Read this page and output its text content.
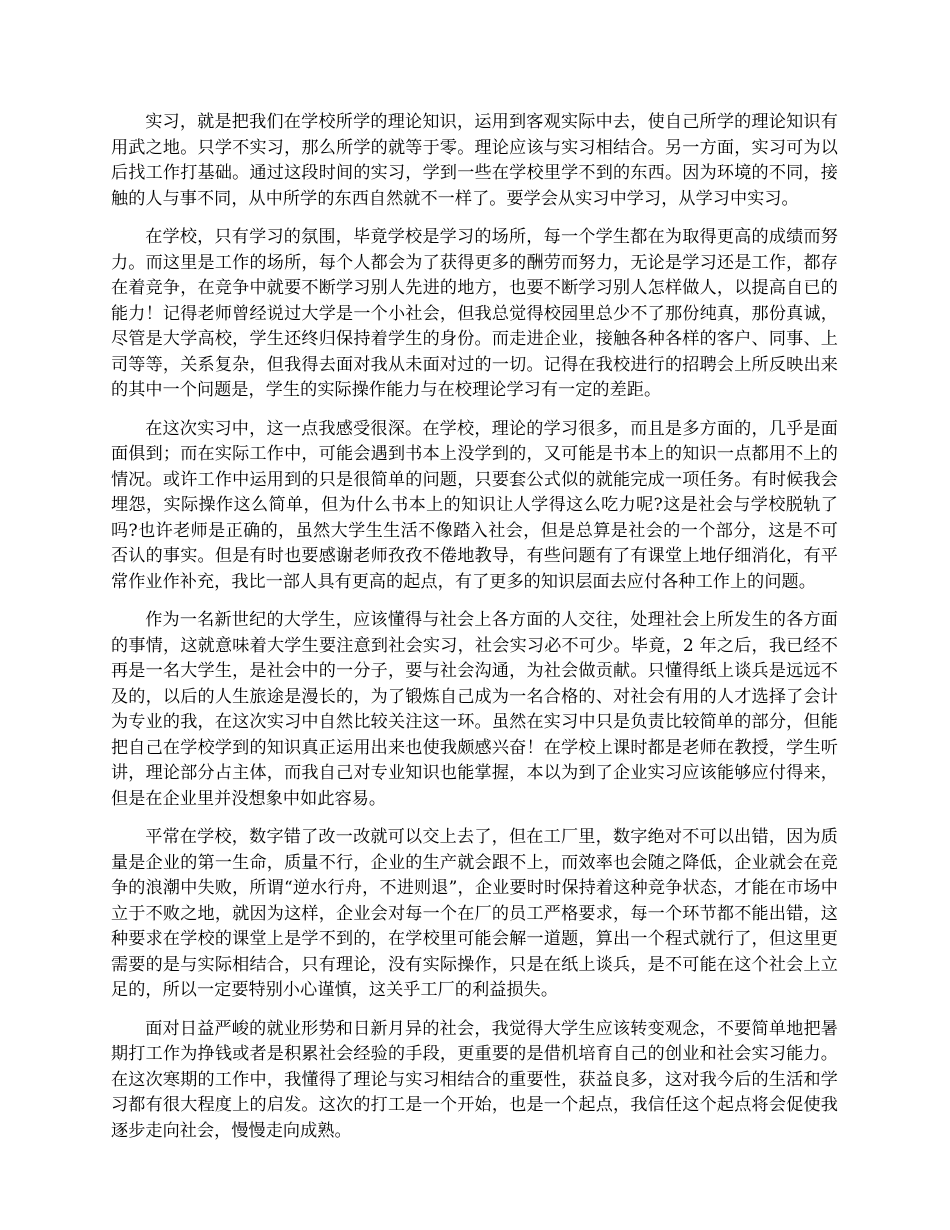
实习，就是把我们在学校所学的理论知识，运用到客观实际中去，使自己所学的理论知识有用武之地。只学不实习，那么所学的就等于零。理论应该与实习相结合。另一方面，实习可为以后找工作打基础。通过这段时间的实习，学到一些在学校里学不到的东西。因为环境的不同，接触的人与事不同，从中所学的东西自然就不一样了。要学会从实习中学习，从学习中实习。

在学校，只有学习的氛围，毕竟学校是学习的场所，每一个学生都在为取得更高的成绩而努力。而这里是工作的场所，每个人都会为了获得更多的酬劳而努力，无论是学习还是工作，都存在着竞争，在竞争中就要不断学习别人先进的地方，也要不断学习别人怎样做人，以提高自已的能力！记得老师曾经说过大学是一个小社会，但我总觉得校园里总少不了那份纯真，那份真诚，尽管是大学高校，学生还终归保持着学生的身份。而走进企业，接触各种各样的客户、同事、上司等等，关系复杂，但我得去面对我从未面对过的一切。记得在我校进行的招聘会上所反映出来的其中一个问题是，学生的实际操作能力与在校理论学习有一定的差距。

在这次实习中，这一点我感受很深。在学校，理论的学习很多，而且是多方面的，几乎是面面俱到；而在实际工作中，可能会遇到书本上没学到的，又可能是书本上的知识一点都用不上的情况。或许工作中运用到的只是很简单的问题，只要套公式似的就能完成一项任务。有时候我会埋怨，实际操作这么简单，但为什么书本上的知识让人学得这么吃力呢?这是社会与学校脱轨了吗?也许老师是正确的，虽然大学生生活不像踏入社会，但是总算是社会的一个部分，这是不可否认的事实。但是有时也要感谢老师孜孜不倦地教导，有些问题有了有课堂上地仔细消化，有平常作业作补充，我比一部人具有更高的起点，有了更多的知识层面去应付各种工作上的问题。

作为一名新世纪的大学生，应该懂得与社会上各方面的人交往，处理社会上所发生的各方面的事情，这就意味着大学生要注意到社会实习，社会实习必不可少。毕竟，2 年之后，我已经不再是一名大学生，是社会中的一分子，要与社会沟通，为社会做贡献。只懂得纸上谈兵是远远不及的，以后的人生旅途是漫长的，为了锻炼自己成为一名合格的、对社会有用的人才选择了会计为专业的我，在这次实习中自然比较关注这一环。虽然在实习中只是负责比较简单的部分，但能把自己在学校学到的知识真正运用出来也使我颇感兴奋！在学校上课时都是老师在教授，学生听讲，理论部分占主体，而我自己对专业知识也能掌握，本以为到了企业实习应该能够应付得来，但是在企业里并没想象中如此容易。

平常在学校，数字错了改一改就可以交上去了，但在工厂里，数字绝对不可以出错，因为质量是企业的第一生命，质量不行，企业的生产就会跟不上，而效率也会随之降低，企业就会在竞争的浪潮中失败，所谓“逆水行舟，不进则退”，企业要时时保持着这种竞争状态，才能在市场中立于不败之地，就因为这样，企业会对每一个在厂的员工严格要求，每一个环节都不能出错，这种要求在学校的课堂上是学不到的，在学校里可能会解一道题，算出一个程式就行了，但这里更需要的是与实际相结合，只有理论，没有实际操作，只是在纸上谈兵，是不可能在这个社会上立足的，所以一定要特别小心谨慎，这关乎工厂的利益损失。

面对日益严峻的就业形势和日新月异的社会，我觉得大学生应该转变观念，不要简单地把暑期打工作为挣钱或者是积累社会经验的手段，更重要的是借机培育自己的创业和社会实习能力。在这次寒期的工作中，我懂得了理论与实习相结合的重要性，获益良多，这对我今后的生活和学习都有很大程度上的启发。这次的打工是一个开始，也是一个起点，我信任这个起点将会促使我逐步走向社会，慢慢走向成熟。
